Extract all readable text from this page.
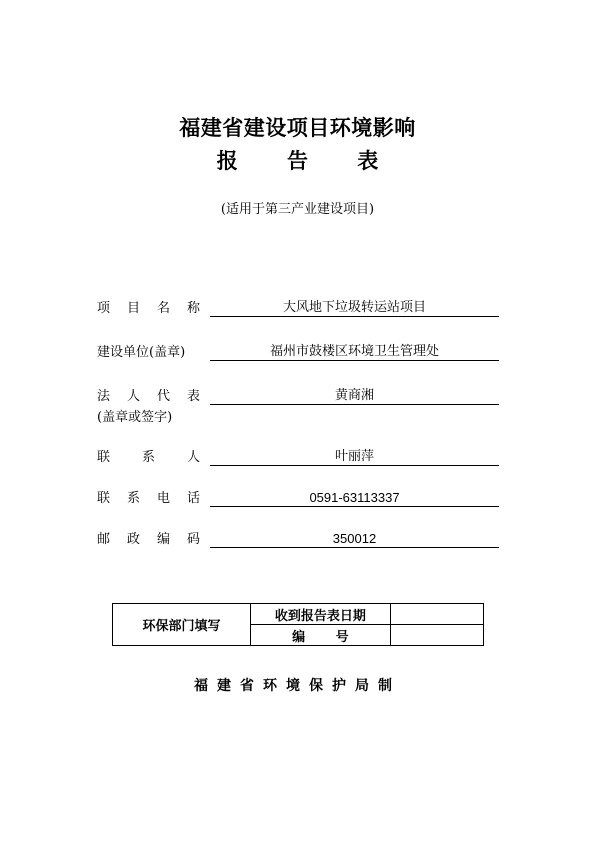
福建省建设项目环境影响
报 告 表
(适用于第三产业建设项目)
项 目 名 称	大风地下垃圾转运站项目
建设单位(盖章)	福州市鼓楼区环境卫生管理处
法 人 代 表	黄商湘
(盖章或签字)
联 系 人	叶丽萍
联 系 电 话	0591-63113337
邮 政 编 码	350012
环保部门填写	收到报告表日期	
	编 号	
福建省环境保护局制
